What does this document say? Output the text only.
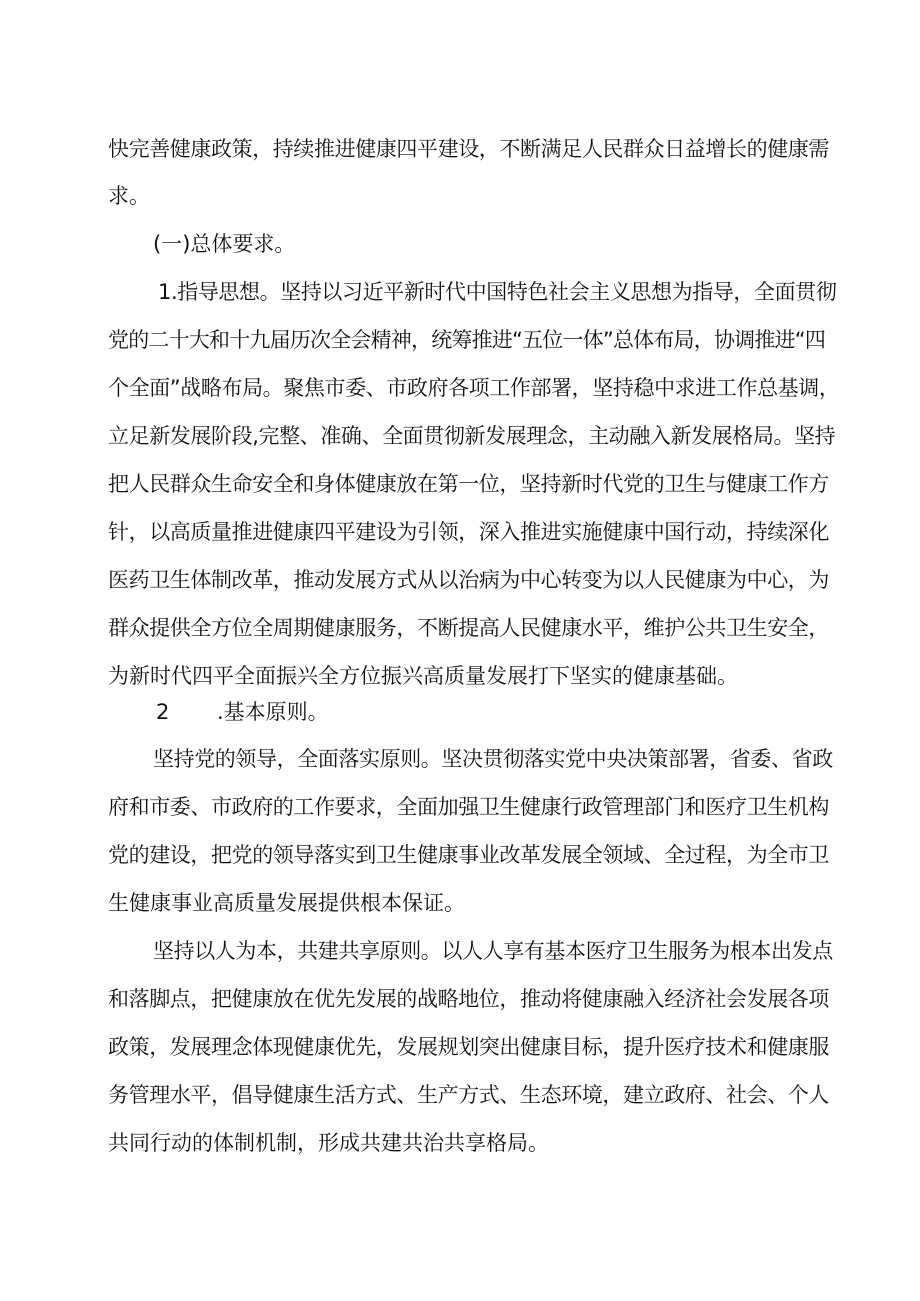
快完善健康政策，持续推进健康四平建设，不断满足人民群众日益增长的健康需
求。
(一)总体要求。
1.指导思想。坚持以习近平新时代中国特色社会主义思想为指导，全面贯彻
党的二十大和十九届历次全会精神，统筹推进“五位一体”总体布局，协调推进“四
个全面”战略布局。聚焦市委、市政府各项工作部署，坚持稳中求进工作总基调，
立足新发展阶段,完整、准确、全面贯彻新发展理念，主动融入新发展格局。坚持
把人民群众生命安全和身体健康放在第一位，坚持新时代党的卫生与健康工作方
针，以高质量推进健康四平建设为引领，深入推进实施健康中国行动，持续深化
医药卫生体制改革，推动发展方式从以治病为中心转变为以人民健康为中心，为
群众提供全方位全周期健康服务，不断提高人民健康水平，维护公共卫生安全，
为新时代四平全面振兴全方位振兴高质量发展打下坚实的健康基础。
2 .基本原则。
坚持党的领导，全面落实原则。坚决贯彻落实党中央决策部署，省委、省政
府和市委、市政府的工作要求，全面加强卫生健康行政管理部门和医疗卫生机构
党的建设，把党的领导落实到卫生健康事业改革发展全领域、全过程，为全市卫
生健康事业高质量发展提供根本保证。
坚持以人为本，共建共享原则。以人人享有基本医疗卫生服务为根本出发点
和落脚点，把健康放在优先发展的战略地位，推动将健康融入经济社会发展各项
政策，发展理念体现健康优先，发展规划突出健康目标，提升医疗技术和健康服
务管理水平，倡导健康生活方式、生产方式、生态环境，建立政府、社会、个人
共同行动的体制机制，形成共建共治共享格局。
